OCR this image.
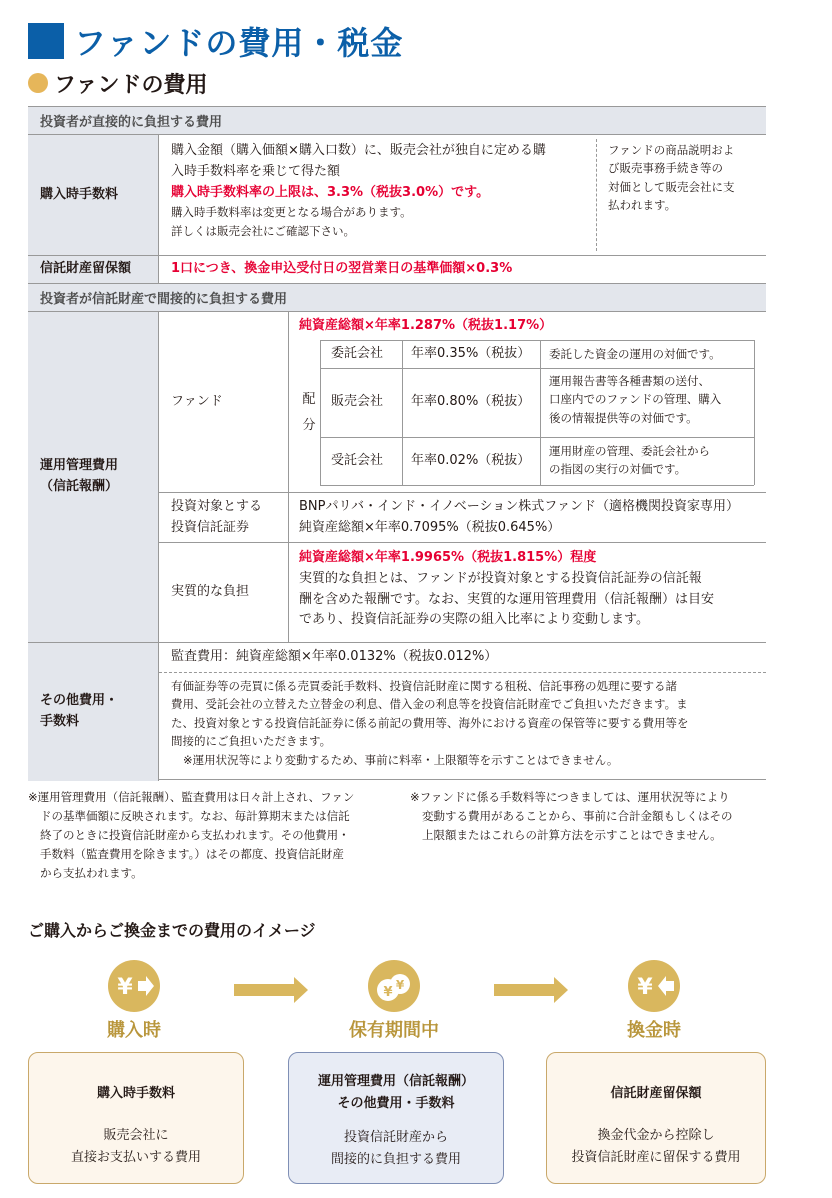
ファンドの費用・税金
ファンドの費用
投資者が直接的に負担する費用
購入時手数料
購入金額（購入価額×購入口数）に、販売会社が独自に定める購
入時手数料率を乗じて得た額
購入時手数料率の上限は、3.3%（税抜3.0%）です。
購入時手数料率は変更となる場合があります。
詳しくは販売会社にご確認下さい。
ファンドの商品説明およ
び販売事務手続き等の
対価として販売会社に支
払われます。
信託財産留保額	1口につき、換金申込受付日の翌営業日の基準価額×0.3%
投資者が信託財産で間接的に負担する費用
運用管理費用
（信託報酬）
ファンド
純資産総額×年率1.287%（税抜1.17%）
配
分
委託会社 年率0.35%（税抜） 委託した資金の運用の対価です。
販売会社 年率0.80%（税抜）
運用報告書等各種書類の送付、
口座内でのファンドの管理、購入
後の情報提供等の対価です。
受託会社 年率0.02%（税抜）
運用財産の管理、委託会社から
の指図の実行の対価です。
投資対象とする
投資信託証券
BNPパリバ・インド・イノベーション株式ファンド（適格機関投資家専用）
純資産総額×年率0.7095%（税抜0.645%）
実質的な負担
純資産総額×年率1.9965%（税抜1.815%）程度
実質的な負担とは、ファンドが投資対象とする投資信託証券の信託報
酬を含めた報酬です。なお、実質的な運用管理費用（信託報酬）は目安
であり、投資信託証券の実際の組入比率により変動します。
その他費用・
手数料
監査費用：純資産総額×年率0.0132%（税抜0.012%）
有価証券等の売買に係る売買委託手数料、投資信託財産に関する租税、信託事務の処理に要する諸
費用、受託会社の立替えた立替金の利息、借入金の利息等を投資信託財産でご負担いただきます。ま
た、投資対象とする投資信託証券に係る前記の費用等、海外における資産の保管等に要する費用等を
間接的にご負担いただきます。
※運用状況等により変動するため、事前に料率・上限額等を示すことはできません。
※運用管理費用（信託報酬）、監査費用は日々計上され、ファン
ドの基準価額に反映されます。なお、毎計算期末または信託
終了のときに投資信託財産から支払われます。その他費用・
手数料（監査費用を除きます。）はその都度、投資信託財産
から支払われます。
※ファンドに係る手数料等につきましては、運用状況等により
変動する費用があることから、事前に合計金額もしくはその
上限額またはこれらの計算方法を示すことはできません。
ご購入からご換金までの費用のイメージ
¥
購入時
¥ ¥
保有期間中
¥
換金時
購入時手数料
販売会社に
直接お支払いする費用
運用管理費用（信託報酬）
その他費用・手数料
投資信託財産から
間接的に負担する費用
信託財産留保額
換金代金から控除し
投資信託財産に留保する費用
